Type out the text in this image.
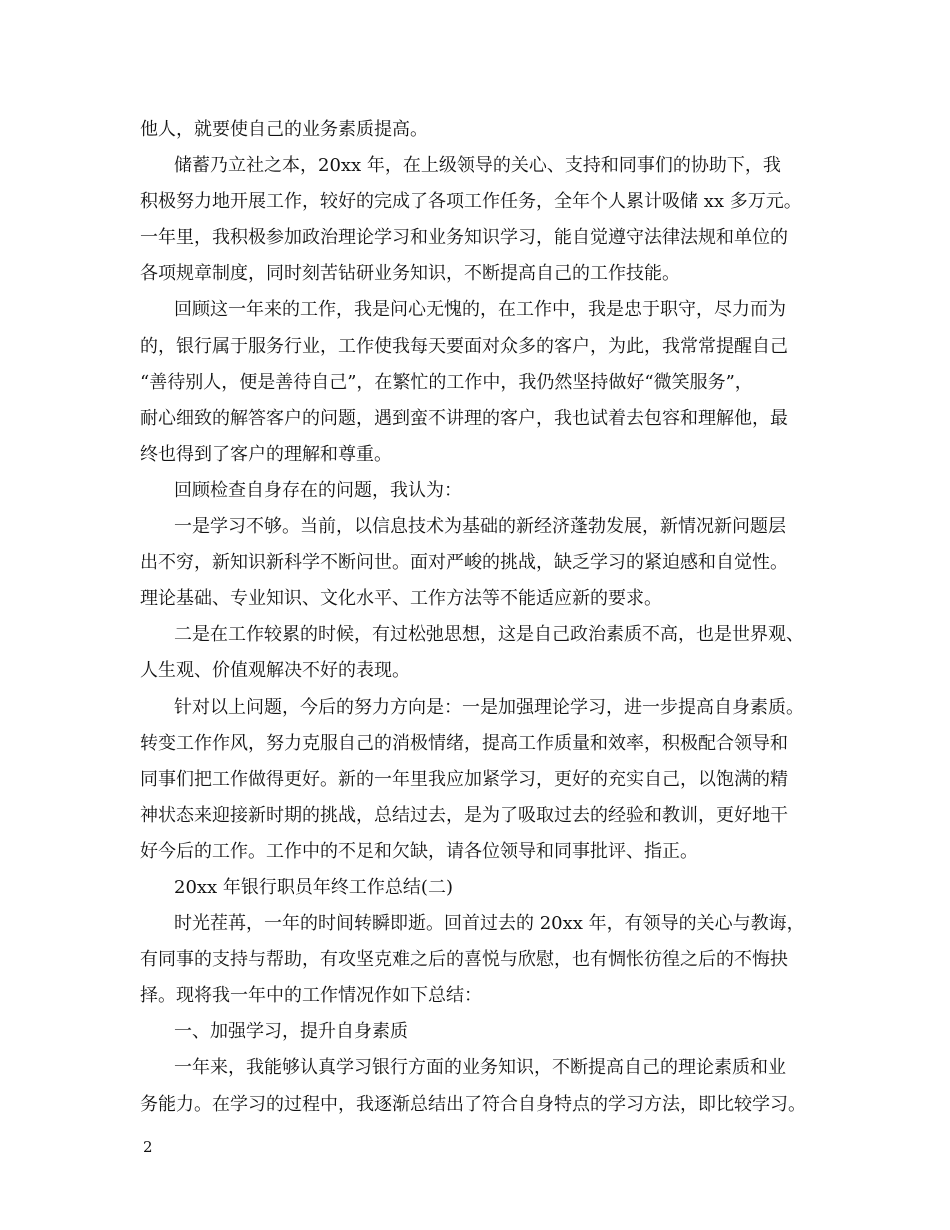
他人，就要使自己的业务素质提高。
储蓄乃立社之本，20xx 年，在上级领导的关心、支持和同事们的协助下，我
积极努力地开展工作，较好的完成了各项工作任务，全年个人累计吸储 xx 多万元。
一年里，我积极参加政治理论学习和业务知识学习，能自觉遵守法律法规和单位的
各项规章制度，同时刻苦钻研业务知识，不断提高自己的工作技能。
回顾这一年来的工作，我是问心无愧的，在工作中，我是忠于职守，尽力而为
的，银行属于服务行业，工作使我每天要面对众多的客户，为此，我常常提醒自己
“善待别人，便是善待自己”，在繁忙的工作中，我仍然坚持做好“微笑服务”，
耐心细致的解答客户的问题，遇到蛮不讲理的客户，我也试着去包容和理解他，最
终也得到了客户的理解和尊重。
回顾检查自身存在的问题，我认为：
一是学习不够。当前，以信息技术为基础的新经济蓬勃发展，新情况新问题层
出不穷，新知识新科学不断问世。面对严峻的挑战，缺乏学习的紧迫感和自觉性。
理论基础、专业知识、文化水平、工作方法等不能适应新的要求。
二是在工作较累的时候，有过松弛思想，这是自己政治素质不高，也是世界观、
人生观、价值观解决不好的表现。
针对以上问题，今后的努力方向是：一是加强理论学习，进一步提高自身素质。
转变工作作风，努力克服自己的消极情绪，提高工作质量和效率，积极配合领导和
同事们把工作做得更好。新的一年里我应加紧学习，更好的充实自己，以饱满的精
神状态来迎接新时期的挑战，总结过去，是为了吸取过去的经验和教训，更好地干
好今后的工作。工作中的不足和欠缺，请各位领导和同事批评、指正。
20xx 年银行职员年终工作总结(二)
时光茬苒，一年的时间转瞬即逝。回首过去的 20xx 年，有领导的关心与教诲，
有同事的支持与帮助，有攻坚克难之后的喜悦与欣慰，也有惆怅彷徨之后的不悔抉
择。现将我一年中的工作情况作如下总结：
一、加强学习，提升自身素质
一年来，我能够认真学习银行方面的业务知识，不断提高自己的理论素质和业
务能力。在学习的过程中，我逐渐总结出了符合自身特点的学习方法，即比较学习。
2
